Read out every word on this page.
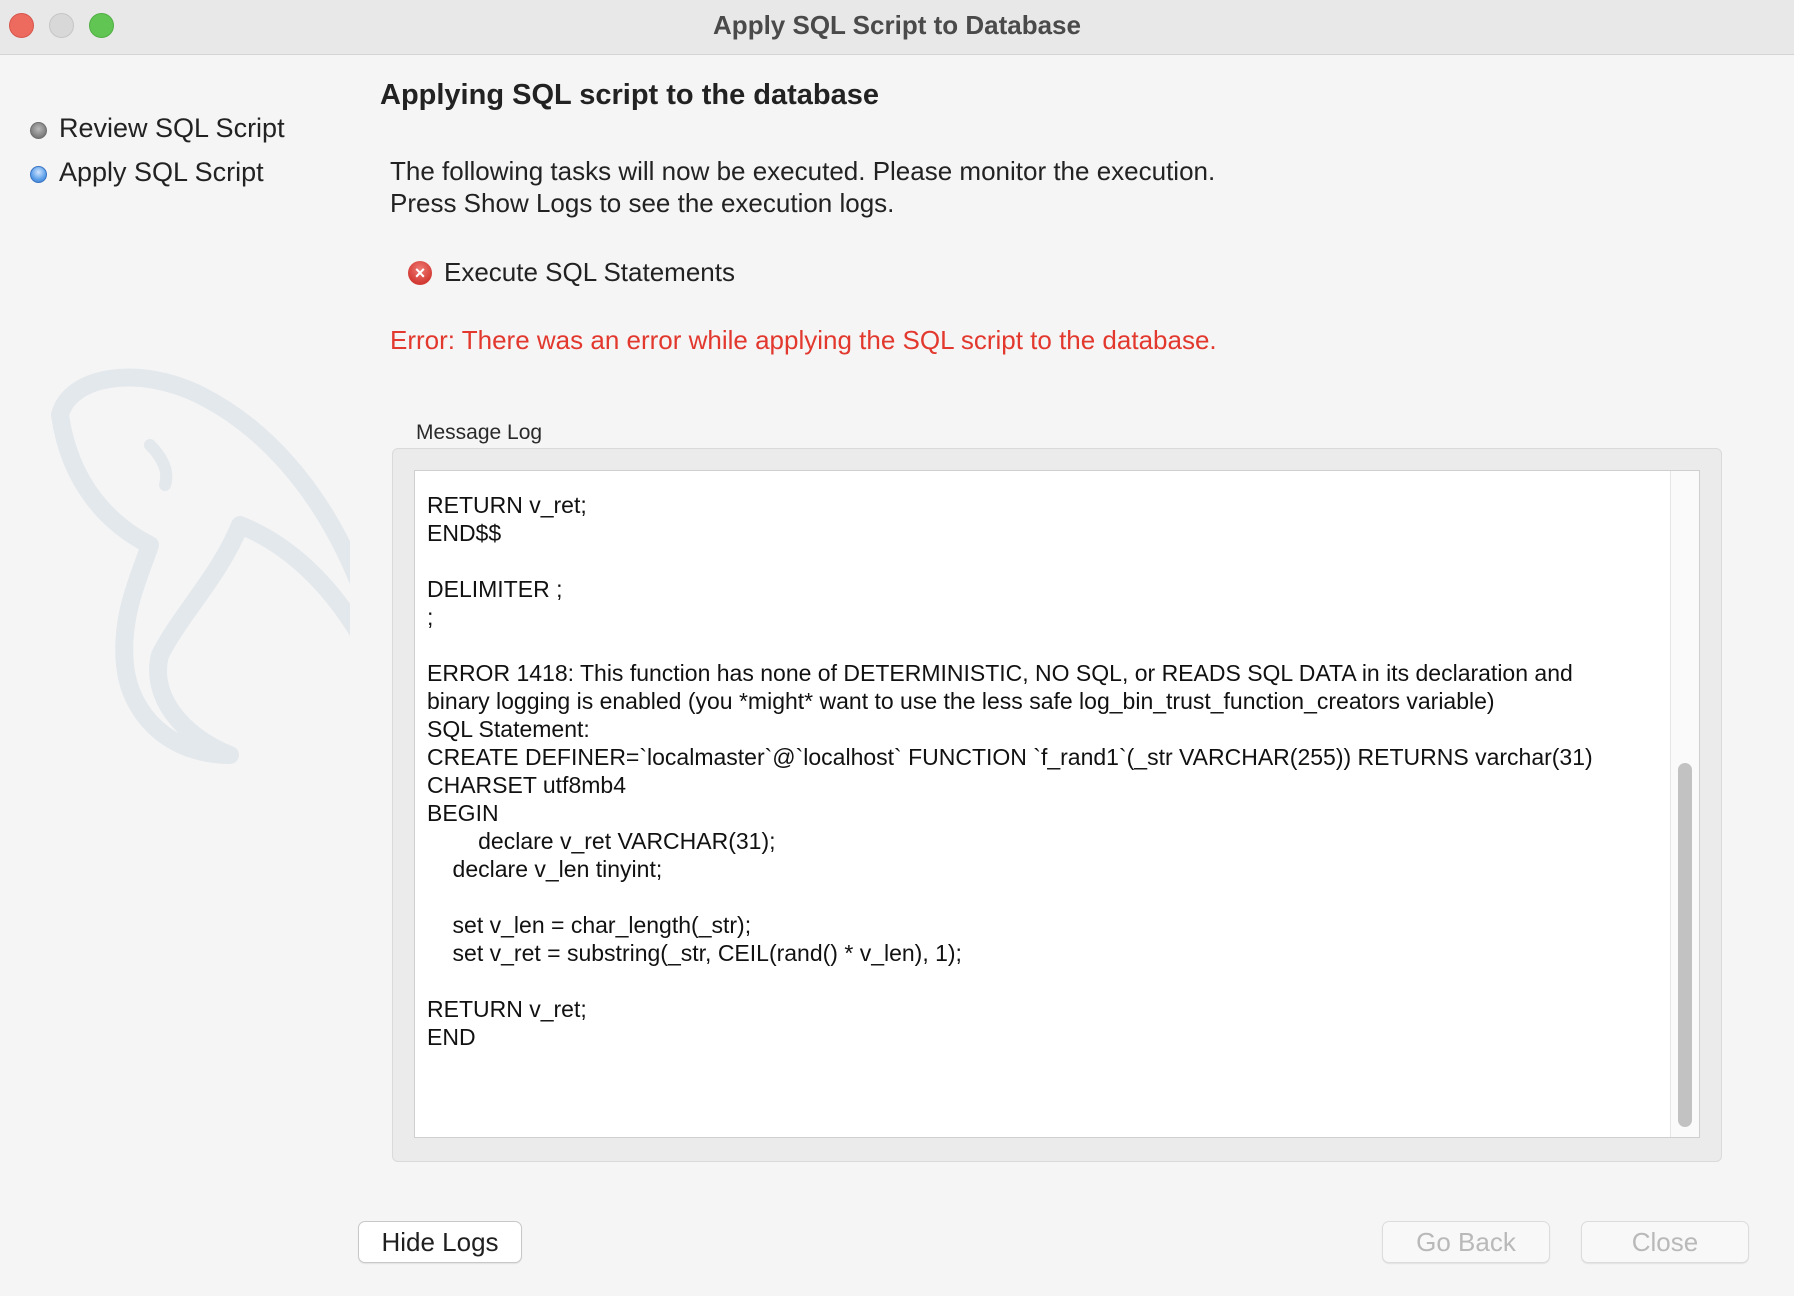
Apply SQL Script to Database
Review SQL Script
Apply SQL Script
Applying SQL script to the database
The following tasks will now be executed. Please monitor the execution.
Press Show Logs to see the execution logs.
× Execute SQL Statements
Error: There was an error while applying the SQL script to the database.
Message Log
RETURN v_ret;
END$$

DELIMITER ;
;

ERROR 1418: This function has none of DETERMINISTIC, NO SQL, or READS SQL DATA in its declaration and
binary logging is enabled (you *might* want to use the less safe log_bin_trust_function_creators variable)
SQL Statement:
CREATE DEFINER=`localmaster`@`localhost` FUNCTION `f_rand1`(_str VARCHAR(255)) RETURNS varchar(31)
CHARSET utf8mb4
BEGIN
declare v_ret VARCHAR(31);
declare v_len tinyint;

set v_len = char_length(_str);
set v_ret = substring(_str, CEIL(rand() * v_len), 1);

RETURN v_ret;
END
Hide Logs	Go Back	Close
